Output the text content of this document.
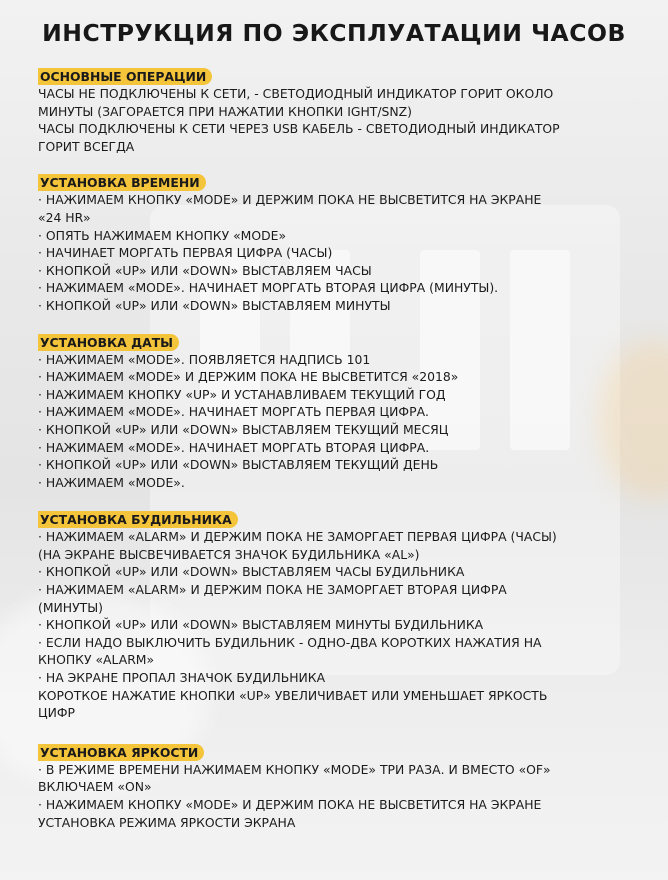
ИНСТРУКЦИЯ ПО ЭКСПЛУАТАЦИИ ЧАСОВ
ОСНОВНЫЕ ОПЕРАЦИИ
ЧАСЫ НЕ ПОДКЛЮЧЕНЫ К СЕТИ, - СВЕТОДИОДНЫЙ ИНДИКАТОР ГОРИТ ОКОЛО
МИНУТЫ (ЗАГОРАЕТСЯ ПРИ НАЖАТИИ КНОПКИ IGHT/SNZ)
ЧАСЫ ПОДКЛЮЧЕНЫ К СЕТИ ЧЕРЕЗ USB КАБЕЛЬ - СВЕТОДИОДНЫЙ ИНДИКАТОР
ГОРИТ ВСЕГДА
УСТАНОВКА ВРЕМЕНИ
· НАЖИМАЕМ КНОПКУ «MODE» И ДЕРЖИМ ПОКА НЕ ВЫСВЕТИТСЯ НА ЭКРАНЕ
«24 HR»
· ОПЯТЬ НАЖИМАЕМ КНОПКУ «MODE»
· НАЧИНАЕТ МОРГАТЬ ПЕРВАЯ ЦИФРА (ЧАСЫ)
· КНОПКОЙ «UP» ИЛИ «DOWN» ВЫСТАВЛЯЕМ ЧАСЫ
· НАЖИМАЕМ «MODE». НАЧИНАЕТ МОРГАТЬ ВТОРАЯ ЦИФРА (МИНУТЫ).
· КНОПКОЙ «UP» ИЛИ «DOWN» ВЫСТАВЛЯЕМ МИНУТЫ
УСТАНОВКА ДАТЫ
· НАЖИМАЕМ «MODE». ПОЯВЛЯЕТСЯ НАДПИСЬ 101
· НАЖИМАЕМ «MODE» И ДЕРЖИМ ПОКА НЕ ВЫСВЕТИТСЯ «2018»
· НАЖИМАЕМ КНОПКУ «UP» И УСТАНАВЛИВАЕМ ТЕКУЩИЙ ГОД
· НАЖИМАЕМ «MODE». НАЧИНАЕТ МОРГАТЬ ПЕРВАЯ ЦИФРА.
· КНОПКОЙ «UP» ИЛИ «DOWN» ВЫСТАВЛЯЕМ ТЕКУЩИЙ МЕСЯЦ
· НАЖИМАЕМ «MODE». НАЧИНАЕТ МОРГАТЬ ВТОРАЯ ЦИФРА.
· КНОПКОЙ «UP» ИЛИ «DOWN» ВЫСТАВЛЯЕМ ТЕКУЩИЙ ДЕНЬ
· НАЖИМАЕМ «MODE».
УСТАНОВКА БУДИЛЬНИКА
· НАЖИМАЕМ «ALARM» И ДЕРЖИМ ПОКА НЕ ЗАМОРГАЕТ ПЕРВАЯ ЦИФРА (ЧАСЫ)
(НА ЭКРАНЕ ВЫСВЕЧИВАЕТСЯ ЗНАЧОК БУДИЛЬНИКА «AL»)
· КНОПКОЙ «UP» ИЛИ «DOWN» ВЫСТАВЛЯЕМ ЧАСЫ БУДИЛЬНИКА
· НАЖИМАЕМ «ALARM» И ДЕРЖИМ ПОКА НЕ ЗАМОРГАЕТ ВТОРАЯ ЦИФРА
(МИНУТЫ)
· КНОПКОЙ «UP» ИЛИ «DOWN» ВЫСТАВЛЯЕМ МИНУТЫ БУДИЛЬНИКА
· ЕСЛИ НАДО ВЫКЛЮЧИТЬ БУДИЛЬНИК - ОДНО-ДВА КОРОТКИХ НАЖАТИЯ НА
КНОПКУ «ALARM»
· НА ЭКРАНЕ ПРОПАЛ ЗНАЧОК БУДИЛЬНИКА
КОРОТКОЕ НАЖАТИЕ КНОПКИ «UP» УВЕЛИЧИВАЕТ ИЛИ УМЕНЬШАЕТ ЯРКОСТЬ
ЦИФР
УСТАНОВКА ЯРКОСТИ
· В РЕЖИМЕ ВРЕМЕНИ НАЖИМАЕМ КНОПКУ «MODE» ТРИ РАЗА. И ВМЕСТО «OF»
ВКЛЮЧАЕМ «ON»
· НАЖИМАЕМ КНОПКУ «MODE» И ДЕРЖИМ ПОКА НЕ ВЫСВЕТИТСЯ НА ЭКРАНЕ
УСТАНОВКА РЕЖИМА ЯРКОСТИ ЭКРАНА
